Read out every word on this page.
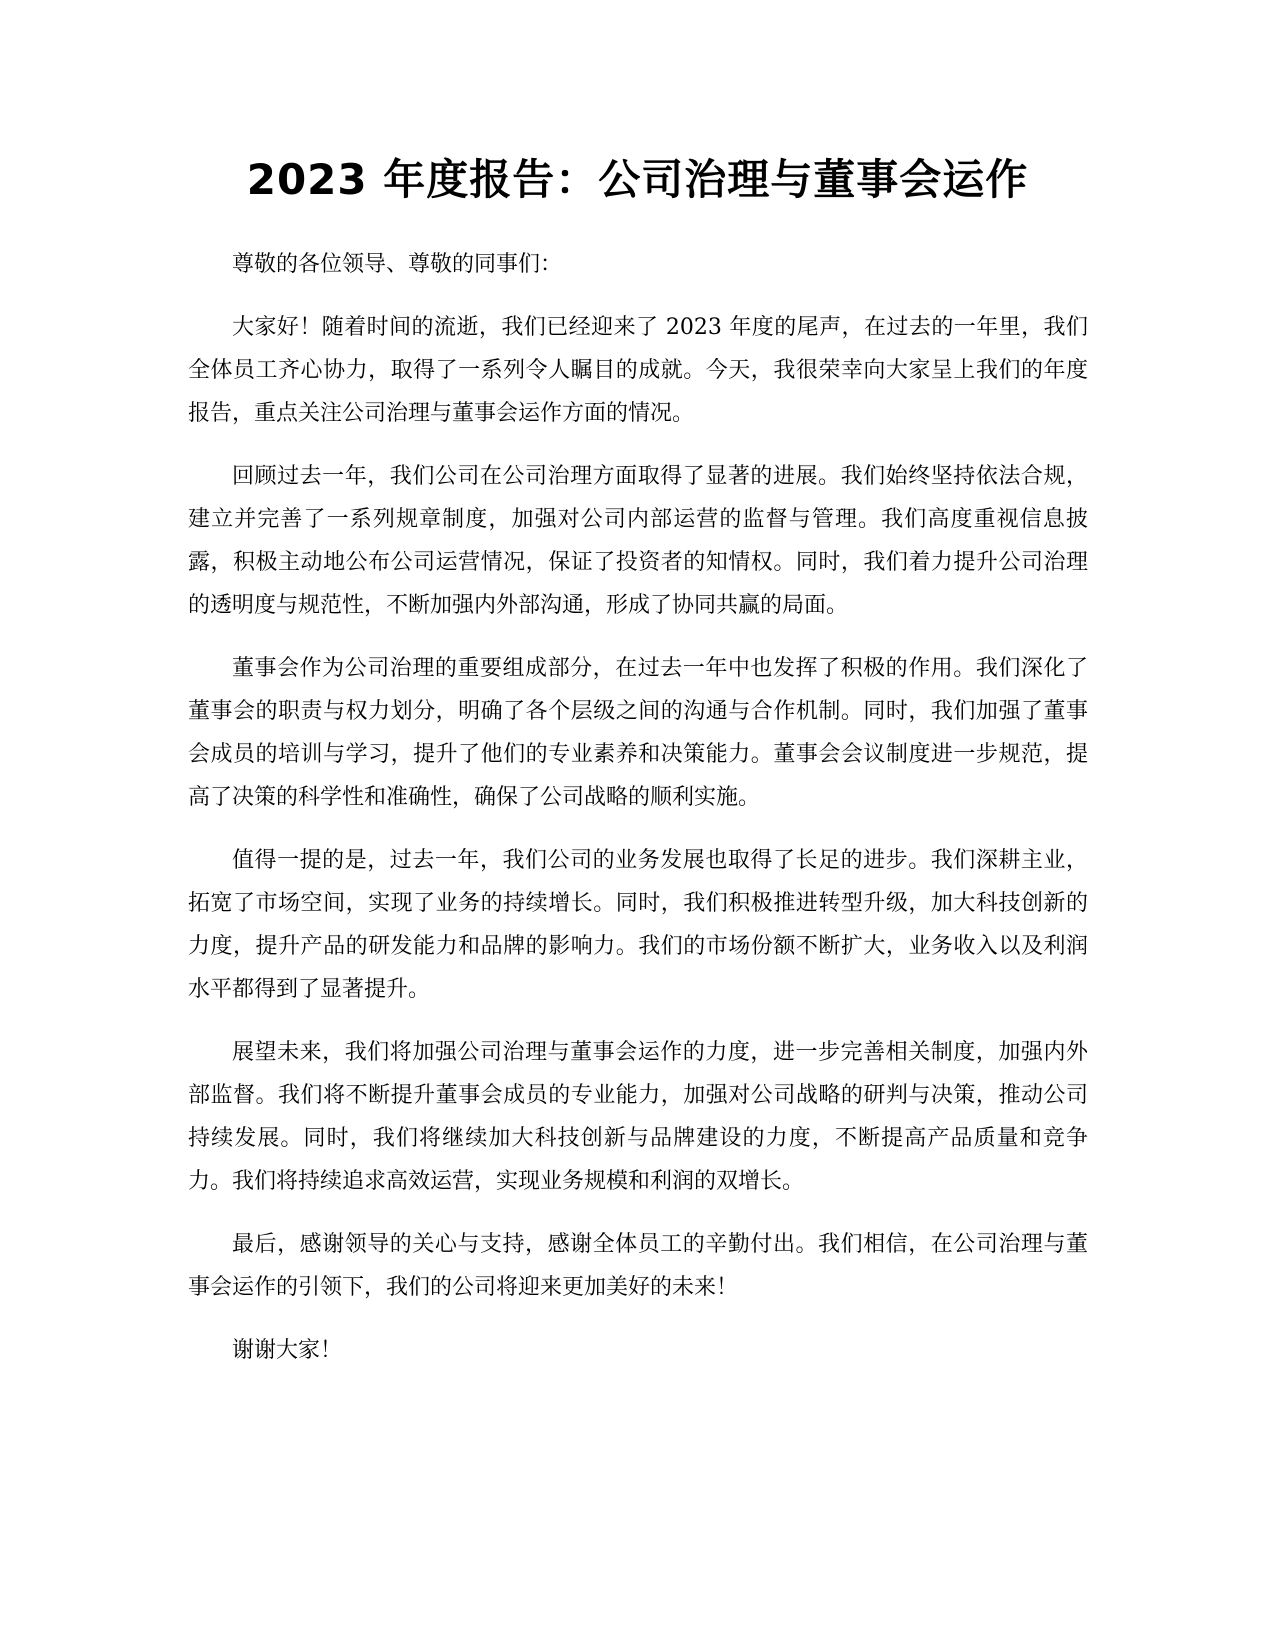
2023 年度报告：公司治理与董事会运作

尊敬的各位领导、尊敬的同事们：

大家好！随着时间的流逝，我们已经迎来了 2023 年度的尾声，在过去的一年里，我们全体员工齐心协力，取得了一系列令人瞩目的成就。今天，我很荣幸向大家呈上我们的年度报告，重点关注公司治理与董事会运作方面的情况。

回顾过去一年，我们公司在公司治理方面取得了显著的进展。我们始终坚持依法合规，建立并完善了一系列规章制度，加强对公司内部运营的监督与管理。我们高度重视信息披露，积极主动地公布公司运营情况，保证了投资者的知情权。同时，我们着力提升公司治理的透明度与规范性，不断加强内外部沟通，形成了协同共赢的局面。

董事会作为公司治理的重要组成部分，在过去一年中也发挥了积极的作用。我们深化了董事会的职责与权力划分，明确了各个层级之间的沟通与合作机制。同时，我们加强了董事会成员的培训与学习，提升了他们的专业素养和决策能力。董事会会议制度进一步规范，提高了决策的科学性和准确性，确保了公司战略的顺利实施。

值得一提的是，过去一年，我们公司的业务发展也取得了长足的进步。我们深耕主业，拓宽了市场空间，实现了业务的持续增长。同时，我们积极推进转型升级，加大科技创新的力度，提升产品的研发能力和品牌的影响力。我们的市场份额不断扩大，业务收入以及利润水平都得到了显著提升。

展望未来，我们将加强公司治理与董事会运作的力度，进一步完善相关制度，加强内外部监督。我们将不断提升董事会成员的专业能力，加强对公司战略的研判与决策，推动公司持续发展。同时，我们将继续加大科技创新与品牌建设的力度，不断提高产品质量和竞争力。我们将持续追求高效运营，实现业务规模和利润的双增长。

最后，感谢领导的关心与支持，感谢全体员工的辛勤付出。我们相信，在公司治理与董事会运作的引领下，我们的公司将迎来更加美好的未来！

谢谢大家！
